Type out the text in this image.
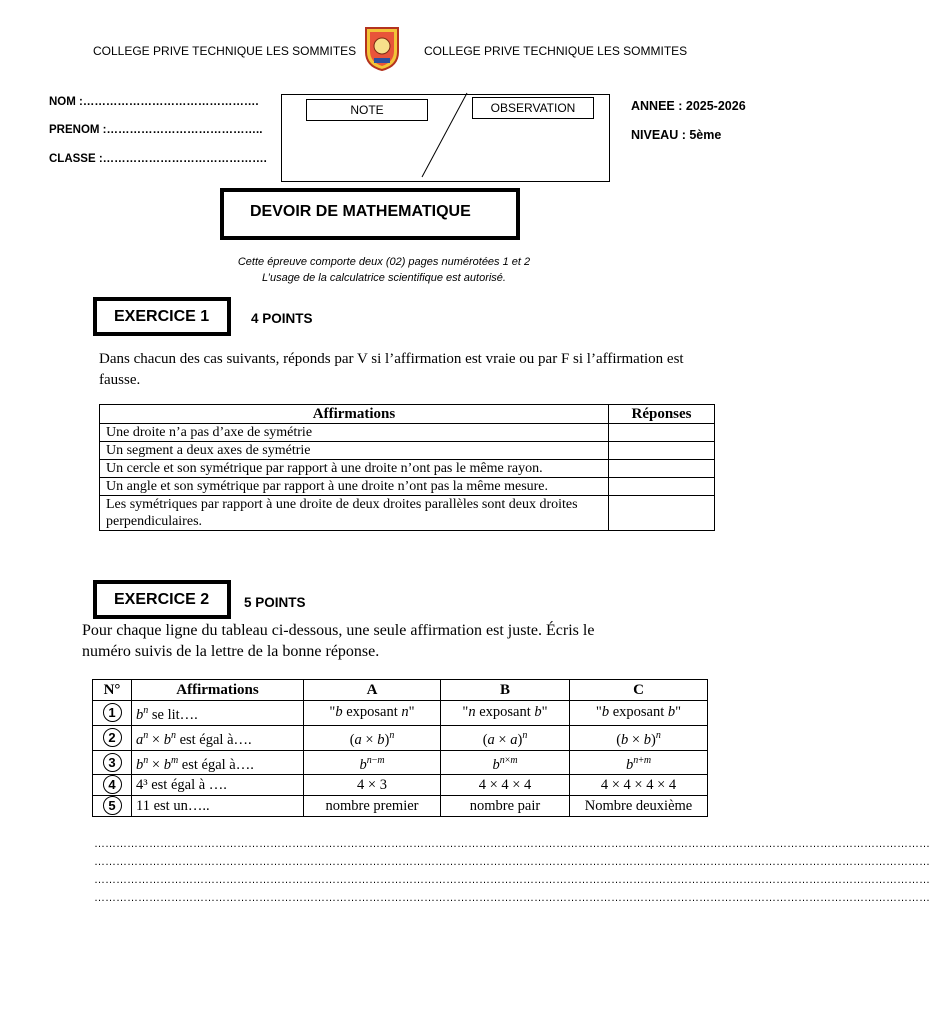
COLLEGE PRIVE TECHNIQUE LES SOMMITES	COLLEGE PRIVE TECHNIQUE LES SOMMITES
NOM :……………………………………….
PRENOM :…………………………………..
CLASSE :…………………………………….
NOTE	OBSERVATION	ANNEE : 2025-2026
NIVEAU : 5ème
DEVOIR DE MATHEMATIQUE
Cette épreuve comporte deux (02) pages numérotées 1 et 2
L’usage de la calculatrice scientifique est autorisé.
EXERCICE 1	4 POINTS
Dans chacun des cas suivants, réponds par V si l’affirmation est vraie ou par F si l’affirmation est fausse.
Affirmations	Réponses
Une droite n’a pas d’axe de symétrie	
Un segment a deux axes de symétrie	
Un cercle et son symétrique par rapport à une droite n’ont pas le même rayon.	
Un angle et son symétrique par rapport à une droite n’ont pas la même mesure.	
Les symétriques par rapport à une droite de deux droites parallèles sont deux droites perpendiculaires.	
EXERCICE 2	5 POINTS
Pour chaque ligne du tableau ci-dessous, une seule affirmation est juste. Écris le
numéro suivis de la lettre de la bonne réponse.
N°	Affirmations	A	B	C
1	$b^n$ se lit….	"b exposant n"	"n exposant b"	"b exposant b"
2	$a^n \times b^n$ est égal à….	$(a \times b)^n$	$(a \times a)^n$	$(b \times b)^n$
3	$b^n \times b^m$ est égal à….	$b^{n-m}$	$b^{n\times m}$	$b^{n+m}$
4	4³ est égal à ….	4 × 3	4 × 4 × 4	4 × 4 × 4 × 4
5	11 est un…..	nombre premier	nombre pair	Nombre deuxième
…………………………………………………………………………………………………………………………………………………………………………………………………………
…………………………………………………………………………………………………………………………………………………………………………………………………………
…………………………………………………………………………………………………………………………………………………………………………………………………………
…………………………………………………………………………………………………………………………………………………………………………………………………………
